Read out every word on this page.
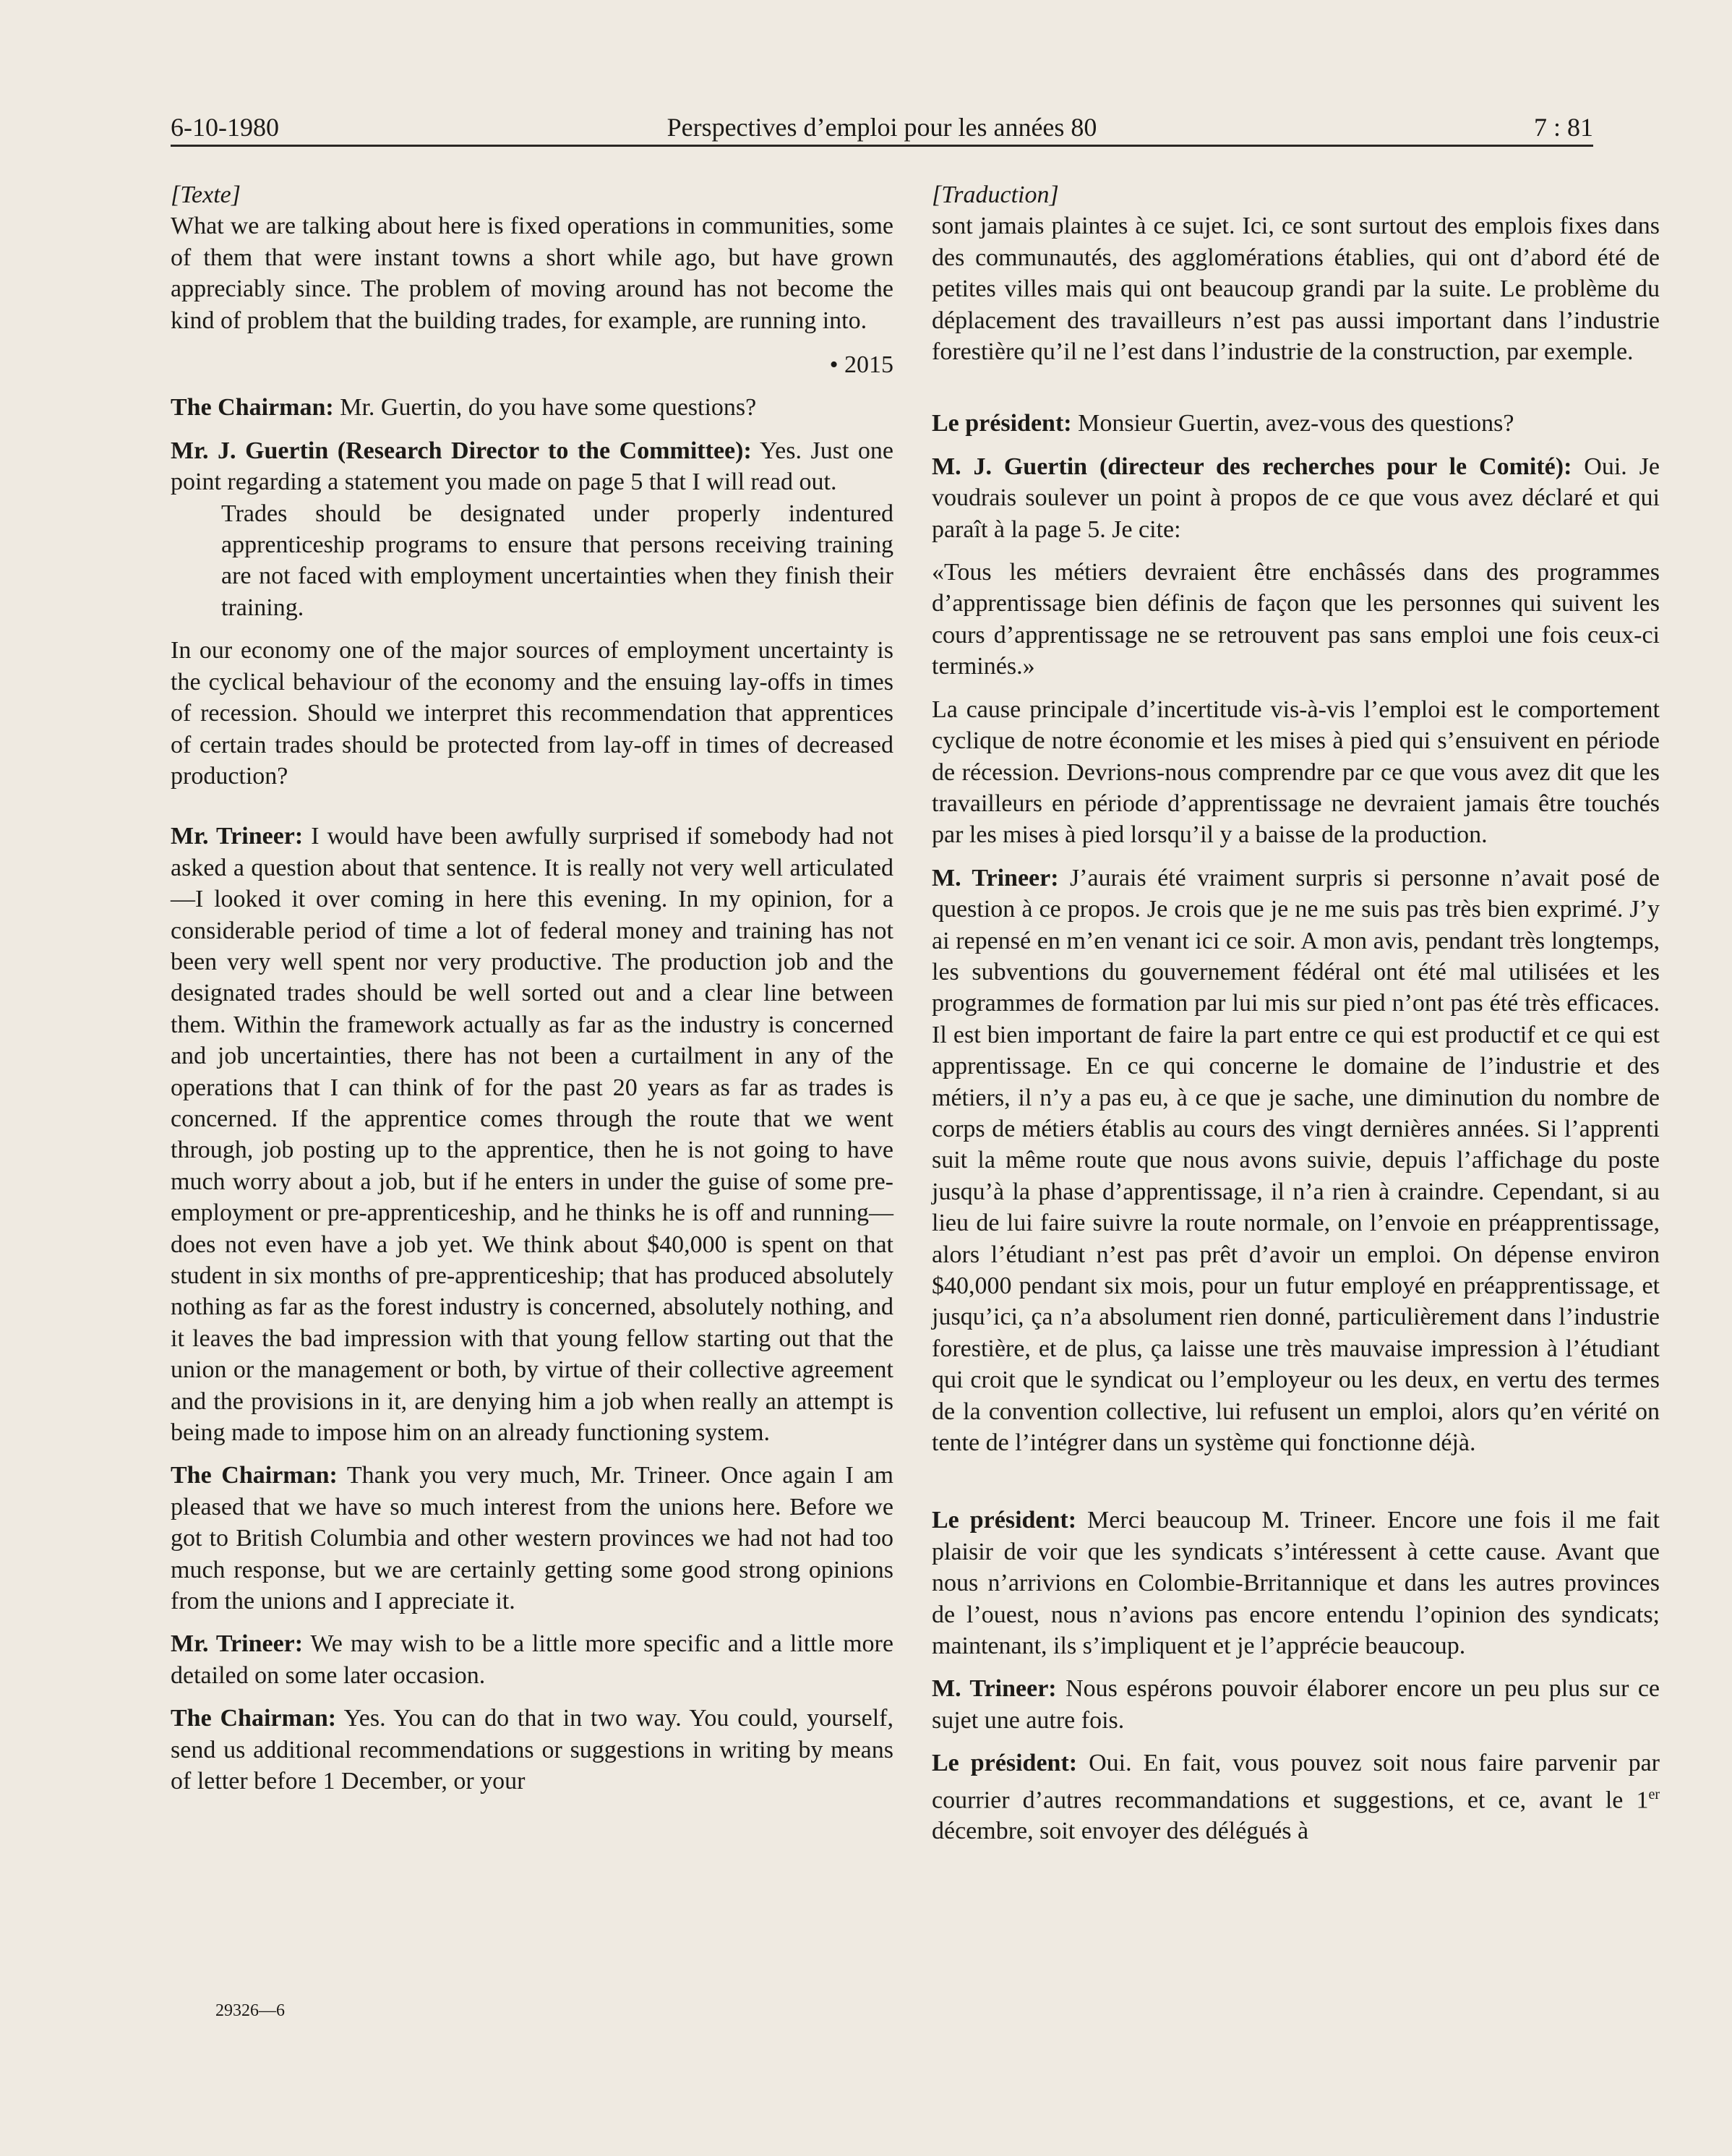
6-10-1980	Perspectives d’emploi pour les années 80	7 : 81

[Texte]

What we are talking about here is fixed operations in communities, some of them that were instant towns a short while ago, but have grown appreciably since. The problem of moving around has not become the kind of problem that the building trades, for example, are running into.

• 2015

The Chairman: Mr. Guertin, do you have some questions?

Mr. J. Guertin (Research Director to the Committee): Yes. Just one point regarding a statement you made on page 5 that I will read out.

Trades should be designated under properly indentured apprenticeship programs to ensure that persons receiving training are not faced with employment uncertainties when they finish their training.

In our economy one of the major sources of employment uncertainty is the cyclical behaviour of the economy and the ensuing lay-offs in times of recession. Should we interpret this recommendation that apprentices of certain trades should be protected from lay-off in times of decreased production?

Mr. Trineer: I would have been awfully surprised if somebody had not asked a question about that sentence. It is really not very well articulated—I looked it over coming in here this evening. In my opinion, for a considerable period of time a lot of federal money and training has not been very well spent nor very productive. The production job and the designated trades should be well sorted out and a clear line between them. Within the framework actually as far as the industry is concerned and job uncertainties, there has not been a curtailment in any of the operations that I can think of for the past 20 years as far as trades is concerned. If the apprentice comes through the route that we went through, job posting up to the apprentice, then he is not going to have much worry about a job, but if he enters in under the guise of some pre-employment or pre-apprenticeship, and he thinks he is off and running—does not even have a job yet. We think about $40,000 is spent on that student in six months of pre-apprenticeship; that has produced absolutely nothing as far as the forest industry is concerned, absolutely nothing, and it leaves the bad impression with that young fellow starting out that the union or the management or both, by virtue of their collective agreement and the provisions in it, are denying him a job when really an attempt is being made to impose him on an already functioning system.

The Chairman: Thank you very much, Mr. Trineer. Once again I am pleased that we have so much interest from the unions here. Before we got to British Columbia and other western provinces we had not had too much response, but we are certainly getting some good strong opinions from the unions and I appreciate it.

Mr. Trineer: We may wish to be a little more specific and a little more detailed on some later occasion.

The Chairman: Yes. You can do that in two way. You could, yourself, send us additional recommendations or suggestions in writing by means of letter before 1 December, or your

[Traduction]

sont jamais plaintes à ce sujet. Ici, ce sont surtout des emplois fixes dans des communautés, des agglomérations établies, qui ont d’abord été de petites villes mais qui ont beaucoup grandi par la suite. Le problème du déplacement des travailleurs n’est pas aussi important dans l’industrie forestière qu’il ne l’est dans l’industrie de la construction, par exemple.

Le président: Monsieur Guertin, avez-vous des questions?

M. J. Guertin (directeur des recherches pour le Comité): Oui. Je voudrais soulever un point à propos de ce que vous avez déclaré et qui paraît à la page 5. Je cite:

«Tous les métiers devraient être enchâssés dans des programmes d’apprentissage bien définis de façon que les personnes qui suivent les cours d’apprentissage ne se retrouvent pas sans emploi une fois ceux-ci terminés.»

La cause principale d’incertitude vis-à-vis l’emploi est le comportement cyclique de notre économie et les mises à pied qui s’ensuivent en période de récession. Devrions-nous comprendre par ce que vous avez dit que les travailleurs en période d’apprentissage ne devraient jamais être touchés par les mises à pied lorsqu’il y a baisse de la production.

M. Trineer: J’aurais été vraiment surpris si personne n’avait posé de question à ce propos. Je crois que je ne me suis pas très bien exprimé. J’y ai repensé en m’en venant ici ce soir. A mon avis, pendant très longtemps, les subventions du gouvernement fédéral ont été mal utilisées et les programmes de formation par lui mis sur pied n’ont pas été très efficaces. Il est bien important de faire la part entre ce qui est productif et ce qui est apprentissage. En ce qui concerne le domaine de l’industrie et des métiers, il n’y a pas eu, à ce que je sache, une diminution du nombre de corps de métiers établis au cours des vingt dernières années. Si l’apprenti suit la même route que nous avons suivie, depuis l’affichage du poste jusqu’à la phase d’apprentissage, il n’a rien à craindre. Cependant, si au lieu de lui faire suivre la route normale, on l’envoie en préapprentissage, alors l’étudiant n’est pas prêt d’avoir un emploi. On dépense environ $40,000 pendant six mois, pour un futur employé en préapprentissage, et jusqu’ici, ça n’a absolument rien donné, particulièrement dans l’industrie forestière, et de plus, ça laisse une très mauvaise impression à l’étudiant qui croit que le syndicat ou l’employeur ou les deux, en vertu des termes de la convention collective, lui refusent un emploi, alors qu’en vérité on tente de l’intégrer dans un système qui fonctionne déjà.

Le président: Merci beaucoup M. Trineer. Encore une fois il me fait plaisir de voir que les syndicats s’intéressent à cette cause. Avant que nous n’arrivions en Colombie-Brritannique et dans les autres provinces de l’ouest, nous n’avions pas encore entendu l’opinion des syndicats; maintenant, ils s’impliquent et je l’apprécie beaucoup.

M. Trineer: Nous espérons pouvoir élaborer encore un peu plus sur ce sujet une autre fois.

Le président: Oui. En fait, vous pouvez soit nous faire parvenir par courrier d’autres recommandations et suggestions, et ce, avant le 1er décembre, soit envoyer des délégués à

29326—6
